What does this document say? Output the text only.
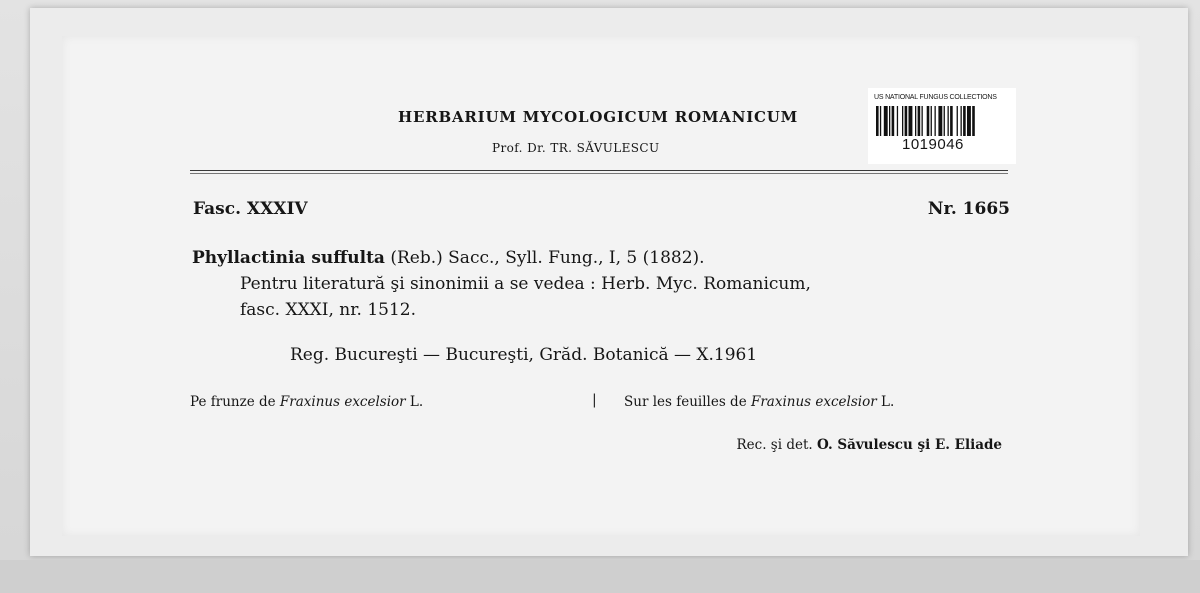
HERBARIUM MYCOLOGICUM ROMANICUM
Prof. Dr. TR. SĂVULESCU
US NATIONAL FUNGUS COLLECTIONS
1019046
Fasc. XXXIV	Nr. 1665
Phyllactinia suffulta (Reb.) Sacc., Syll. Fung., I, 5 (1882).
Pentru literatură şi sinonimii a se vedea : Herb. Myc. Romanicum,
fasc. XXXI, nr. 1512.
Reg. Bucureşti — Bucureşti, Grăd. Botanică — X.1961
Pe frunze de Fraxinus excelsior L.	| Sur les feuilles de Fraxinus excelsior L.
Rec. şi det. O. Săvulescu şi E. Eliade
